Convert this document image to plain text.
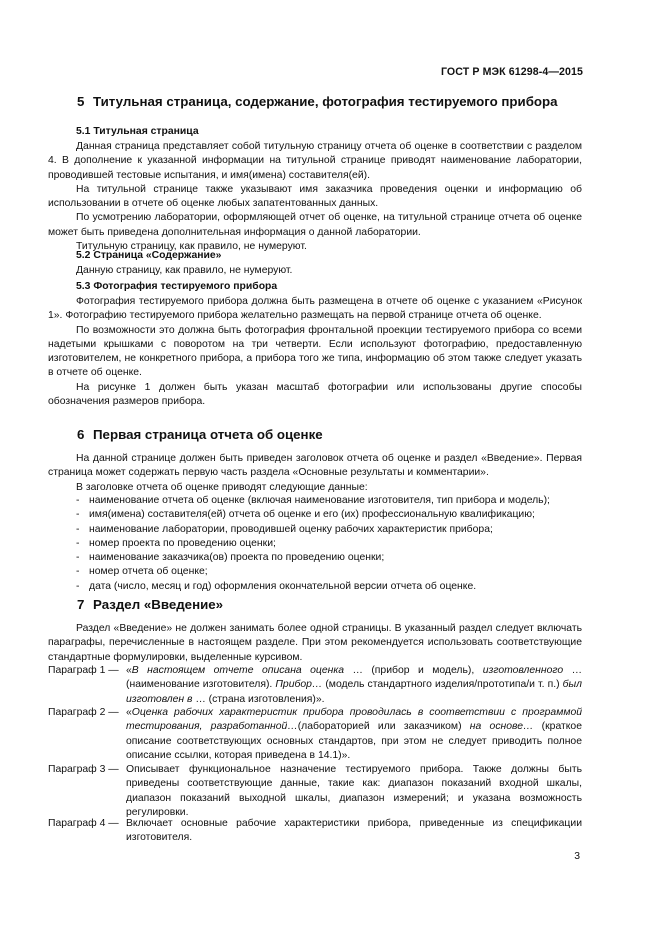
ГОСТ Р МЭК 61298-4—2015
5 Титульная страница, содержание, фотография тестируемого прибора
5.1 Титульная страница

Данная страница представляет собой титульную страницу отчета об оценке в соответствии с разделом 4. В дополнение к указанной информации на титульной странице приводят наименование лаборатории, проводившей тестовые испытания, и имя(имена) составителя(ей).

На титульной странице также указывают имя заказчика проведения оценки и информацию об использовании в отчете об оценке любых запатентованных данных.

По усмотрению лаборатории, оформляющей отчет об оценке, на титульной странице отчета об оценке может быть приведена дополнительная информация о данной лаборатории.

Титульную страницу, как правило, не нумеруют.

5.2 Страница «Содержание»

Данную страницу, как правило, не нумеруют.

5.3 Фотография тестируемого прибора

Фотография тестируемого прибора должна быть размещена в отчете об оценке с указанием «Рисунок 1». Фотографию тестируемого прибора желательно размещать на первой странице отчета об оценке.

По возможности это должна быть фотография фронтальной проекции тестируемого прибора со всеми надетыми крышками с поворотом на три четверти. Если используют фотографию, предоставленную изготовителем, не конкретного прибора, а прибора того же типа, информацию об этом также следует указать в отчете об оценке.

На рисунке 1 должен быть указан масштаб фотографии или использованы другие способы обозначения размеров прибора.

6 Первая страница отчета об оценке

На данной странице должен быть приведен заголовок отчета об оценке и раздел «Введение». Первая страница может содержать первую часть раздела «Основные результаты и комментарии».

В заголовке отчета об оценке приводят следующие данные:

- наименование отчета об оценке (включая наименование изготовителя, тип прибора и модель);
- имя(имена) составителя(ей) отчета об оценке и его (их) профессиональную квалификацию;
- наименование лаборатории, проводившей оценку рабочих характеристик прибора;
- номер проекта по проведению оценки;
- наименование заказчика(ов) проекта по проведению оценки;
- номер отчета об оценке;
- дата (число, месяц и год) оформления окончательной версии отчета об оценке.
7 Раздел «Введение»

Раздел «Введение» не должен занимать более одной страницы. В указанный раздел следует включать параграфы, перечисленные в настоящем разделе. При этом рекомендуется использовать соответствующие стандартные формулировки, выделенные курсивом.

Параграф 1 — «В настоящем отчете описана оценка … (прибор и модель), изготовленного … (наименование изготовителя). Прибор… (модель стандартного изделия/прототипа/и т. п.) был изготовлен в … (страна изготовления)».
Параграф 2 — «Оценка рабочих характеристик прибора проводилась в соответствии с программой тестирования, разработанной…(лабораторией или заказчиком) на основе… (краткое описание соответствующих основных стандартов, при этом не следует приводить полное описание ссылки, которая приведена в 14.1)».
Параграф 3 — Описывает функциональное назначение тестируемого прибора. Также должны быть приведены соответствующие данные, такие как: диапазон показаний входной шкалы, диапазон показаний выходной шкалы, диапазон измерений; и указана возможность регулировки.
Параграф 4 — Включает основные рабочие характеристики прибора, приведенные из спецификации изготовителя.
3
